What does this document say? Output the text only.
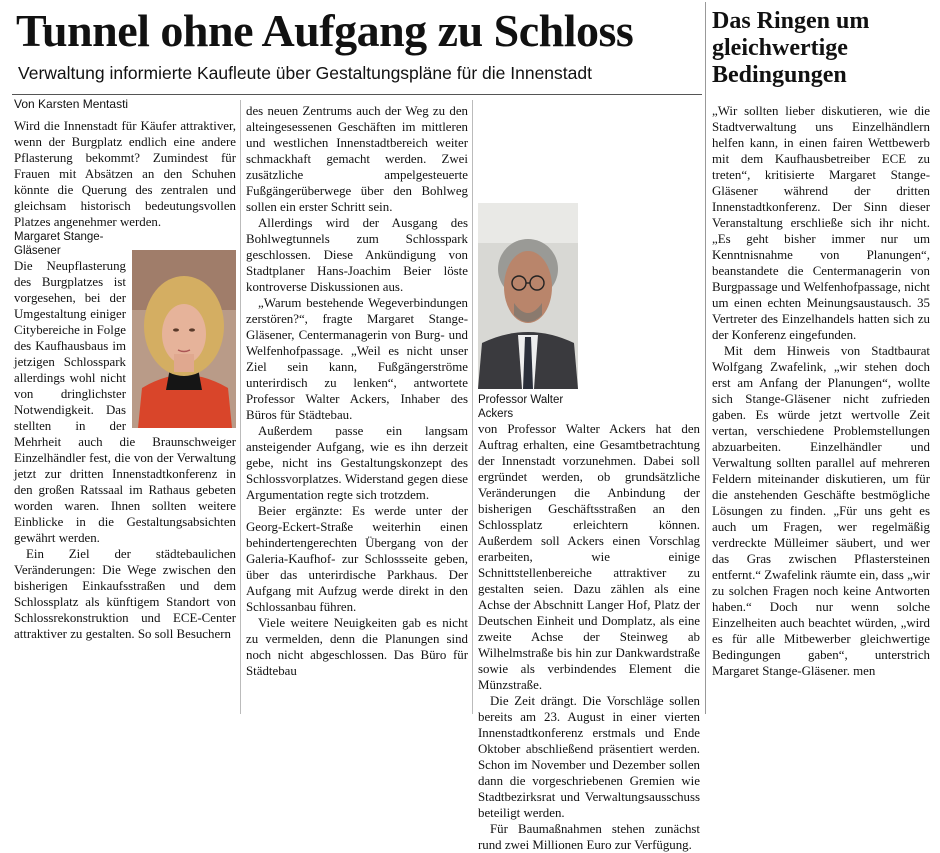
Tunnel ohne Aufgang zu Schloss
Verwaltung informierte Kaufleute über Gestaltungspläne für die Innenstadt
Von Karsten Mentasti

Wird die Innenstadt für Käufer attraktiver, wenn der Burgplatz endlich eine andere Pflasterung bekommt? Zumindest für Frauen mit Absätzen an den Schuhen könnte die Querung des zentralen und gleichsam historisch bedeutungsvollen Platzes angenehmer werden.

Margaret Stange-Gläsener
Die Neupflasterung des Burgplatzes ist vorgesehen, bei der Umgestaltung einiger Citybereiche in Folge des Kaufhausbaus im jetzigen Schlosspark allerdings wohl nicht von dringlichster Notwendigkeit. Das stellten in der Mehrheit auch die Braunschweiger Einzelhändler fest, die von der Verwaltung jetzt zur dritten Innenstadtkonferenz in den großen Ratssaal im Rathaus gebeten worden waren. Ihnen sollten weitere Einblicke in die Gestaltungsabsichten gewährt werden.

Ein Ziel der städtebaulichen Veränderungen: Die Wege zwischen den bisherigen Einkaufsstraßen und dem Schlossplatz als künftigem Standort von Schlossrekonstruktion und ECE-Center attraktiver zu gestalten. So soll Besuchern

des neuen Zentrums auch der Weg zu den alteingesessenen Geschäften im mittleren und westlichen Innenstadtbereich weiter schmackhaft gemacht werden. Zwei zusätzliche ampelgesteuerte Fußgängerüberwege über den Bohlweg sollen ein erster Schritt sein.

Allerdings wird der Ausgang des Bohlwegtunnels zum Schlosspark geschlossen. Diese Ankündigung von Stadtplaner Hans-Joachim Beier löste kontroverse Diskussionen aus.

„Warum bestehende Wegeverbindungen zerstören?“, fragte Margaret Stange-Gläsener, Centermanagerin von Burg- und Welfenhofpassage. „Weil es nicht unser Ziel sein kann, Fußgängerströme unterirdisch zu lenken“, antwortete Professor Walter Ackers, Inhaber des Büros für Städtebau.

Außerdem passe ein langsam ansteigender Aufgang, wie es ihn derzeit gebe, nicht ins Gestaltungskonzept des Schlossvorplatzes. Widerstand gegen diese Argumentation regte sich trotzdem.

Beier ergänzte: Es werde unter der Georg-Eckert-Straße weiterhin einen behindertengerechten Übergang von der Galeria-Kaufhof- zur Schlossseite geben, über das unterirdische Parkhaus. Der Aufgang mit Aufzug werde direkt in den Schlossanbau führen.

Viele weitere Neuigkeiten gab es nicht zu vermelden, denn die Planungen sind noch nicht abgeschlossen. Das Büro für Städtebau

Professor Walter Ackers
von Professor Walter Ackers hat den Auftrag erhalten, eine Gesamtbetrachtung der Innenstadt vorzunehmen. Dabei soll ergründet werden, ob grundsätzliche Veränderungen die Anbindung der bisherigen Geschäftsstraßen an den Schlossplatz erleichtern können. Außerdem soll Ackers einen Vorschlag erarbeiten, wie einige Schnittstellenbereiche attraktiver zu gestalten seien. Dazu zählen als eine Achse der Abschnitt Langer Hof, Platz der Deutschen Einheit und Domplatz, als eine zweite Achse der Steinweg ab Wilhelmstraße bis hin zur Dankwardstraße sowie als verbindendes Element die Münzstraße.

Die Zeit drängt. Die Vorschläge sollen bereits am 23. August in einer vierten Innenstadtkonferenz erstmals und Ende Oktober abschließend präsentiert werden. Schon im November und Dezember sollen dann die vorgeschriebenen Gremien wie Stadtbezirksrat und Verwaltungsausschuss beteiligt werden.

Für Baumaßnahmen stehen zunächst rund zwei Millionen Euro zur Verfügung.

Das Ringen um gleichwertige Bedingungen

„Wir sollten lieber diskutieren, wie die Stadtverwaltung uns Einzelhändlern helfen kann, in einen fairen Wettbewerb mit dem Kaufhausbetreiber ECE zu treten“, kritisierte Margaret Stange-Gläsener während der dritten Innenstadtkonferenz. Der Sinn dieser Veranstaltung erschließe sich ihr nicht. „Es geht bisher immer nur um Kenntnisnahme von Planungen“, beanstandete die Centermanagerin von Burgpassage und Welfenhofpassage, nicht um einen echten Meinungsaustausch. 35 Vertreter des Einzelhandels hatten sich zu der Konferenz eingefunden.

Mit dem Hinweis von Stadtbaurat Wolfgang Zwafelink, „wir stehen doch erst am Anfang der Planungen“, wollte sich Stange-Gläsener nicht zufrieden gaben. Es würde jetzt wertvolle Zeit vertan, verschiedene Problemstellungen abzuarbeiten. Einzelhändler und Verwaltung sollten parallel auf mehreren Feldern miteinander diskutieren, um für die anstehenden Geschäfte bestmögliche Lösungen zu finden. „Für uns geht es auch um Fragen, wer regelmäßig verdreckte Mülleimer säubert, und wer das Gras zwischen Pflastersteinen entfernt.“ Zwafelink räumte ein, dass „wir zu solchen Fragen noch keine Antworten haben.“ Doch nur wenn solche Einzelheiten auch beachtet würden, „wird es für alle Mitbewerber gleichwertige Bedingungen gaben“, unterstrich Margaret Stange-Gläsener. men
